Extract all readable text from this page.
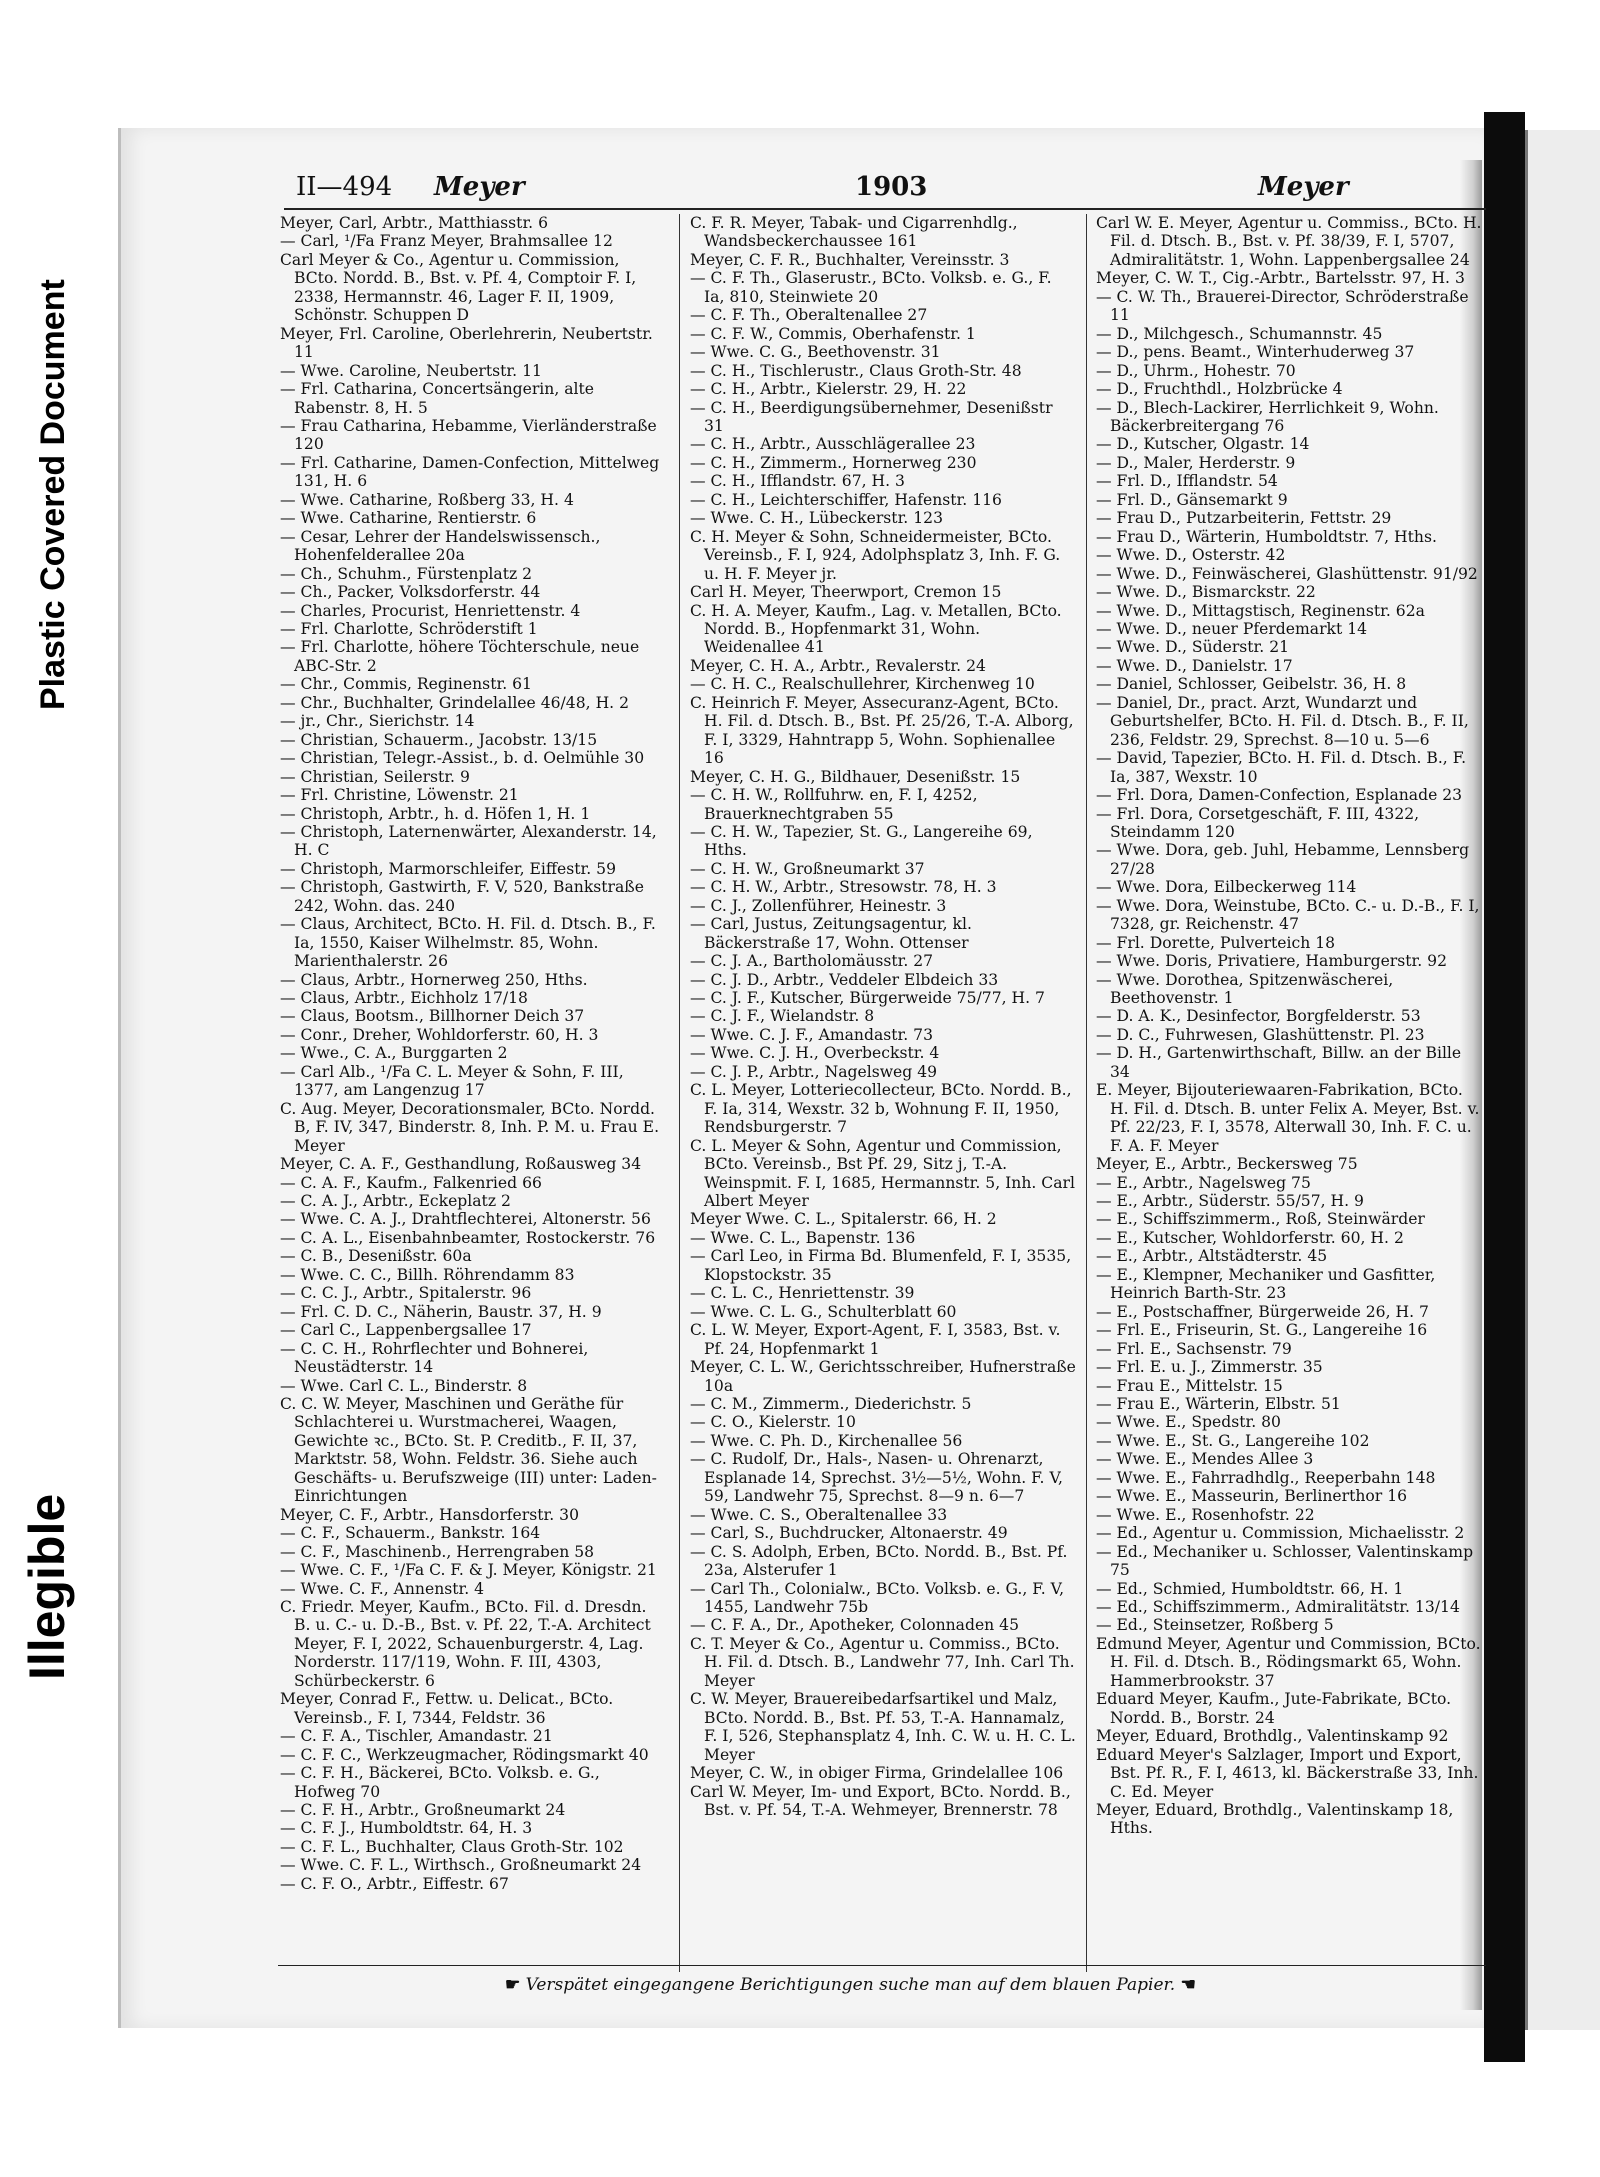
Plastic Covered Document
Illegible
II—494 Meyer	1903	Meyer

Meyer, Carl, Arbtr., Matthiasstr. 6

— Carl, ¹/Fa Franz Meyer, Brahmsallee 12

Carl Meyer & Co., Agentur u. Commission, BCto. Nordd. B., Bst. v. Pf. 4, Comptoir F. I, 2338, Hermannstr. 46, Lager F. II, 1909, Schönstr. Schuppen D

Meyer, Frl. Caroline, Oberlehrerin, Neubertstr. 11

— Wwe. Caroline, Neubertstr. 11

— Frl. Catharina, Concertsängerin, alte Rabenstr. 8, H. 5

— Frau Catharina, Hebamme, Vierländerstraße 120

— Frl. Catharine, Damen-Confection, Mittelweg 131, H. 6

— Wwe. Catharine, Roßberg 33, H. 4

— Wwe. Catharine, Rentierstr. 6

— Cesar, Lehrer der Handelswissensch., Hohenfelderallee 20a

— Ch., Schuhm., Fürstenplatz 2

— Ch., Packer, Volksdorferstr. 44

— Charles, Procurist, Henriettenstr. 4

— Frl. Charlotte, Schröderstift 1

— Frl. Charlotte, höhere Töchterschule, neue ABC-Str. 2

— Chr., Commis, Reginenstr. 61

— Chr., Buchhalter, Grindelallee 46/48, H. 2

— jr., Chr., Sierichstr. 14

— Christian, Schauerm., Jacobstr. 13/15

— Christian, Telegr.-Assist., b. d. Oelmühle 30

— Christian, Seilerstr. 9

— Frl. Christine, Löwenstr. 21

— Christoph, Arbtr., h. d. Höfen 1, H. 1

— Christoph, Laternenwärter, Alexanderstr. 14, H. C

— Christoph, Marmorschleifer, Eiffestr. 59

— Christoph, Gastwirth, F. V, 520, Bankstraße 242, Wohn. das. 240

— Claus, Architect, BCto. H. Fil. d. Dtsch. B., F. Ia, 1550, Kaiser Wilhelmstr. 85, Wohn. Marienthalerstr. 26

— Claus, Arbtr., Hornerweg 250, Hths.

— Claus, Arbtr., Eichholz 17/18

— Claus, Bootsm., Billhorner Deich 37

— Conr., Dreher, Wohldorferstr. 60, H. 3

— Wwe., C. A., Burggarten 2

— Carl Alb., ¹/Fa C. L. Meyer & Sohn, F. III, 1377, am Langenzug 17

C. Aug. Meyer, Decorationsmaler, BCto. Nordd. B, F. IV, 347, Binderstr. 8, Inh. P. M. u. Frau E. Meyer

Meyer, C. A. F., Gesthandlung, Roßausweg 34

— C. A. F., Kaufm., Falkenried 66

— C. A. J., Arbtr., Eckeplatz 2

— Wwe. C. A. J., Drahtflechterei, Altonerstr. 56

— C. A. L., Eisenbahnbeamter, Rostockerstr. 76

— C. B., Desenißstr. 60a

— Wwe. C. C., Billh. Röhrendamm 83

— C. C. J., Arbtr., Spitalerstr. 96

— Frl. C. D. C., Näherin, Baustr. 37, H. 9

— Carl C., Lappenbergsallee 17

— C. C. H., Rohrflechter und Bohnerei, Neustädterstr. 14

— Wwe. Carl C. L., Binderstr. 8

C. C. W. Meyer, Maschinen und Geräthe für Schlachterei u. Wurstmacherei, Waagen, Gewichte ꝛc., BCto. St. P. Creditb., F. II, 37, Marktstr. 58, Wohn. Feldstr. 36. Siehe auch Geschäfts- u. Berufszweige (III) unter: Laden-Einrichtungen

Meyer, C. F., Arbtr., Hansdorferstr. 30

— C. F., Schauerm., Bankstr. 164

— C. F., Maschinenb., Herrengraben 58

— Wwe. C. F., ¹/Fa C. F. & J. Meyer, Königstr. 21

— Wwe. C. F., Annenstr. 4

C. Friedr. Meyer, Kaufm., BCto. Fil. d. Dresdn. B. u. C.- u. D.-B., Bst. v. Pf. 22, T.-A. Architect Meyer, F. I, 2022, Schauenburgerstr. 4, Lag. Norderstr. 117/119, Wohn. F. III, 4303, Schürbeckerstr. 6

Meyer, Conrad F., Fettw. u. Delicat., BCto. Vereinsb., F. I, 7344, Feldstr. 36

— C. F. A., Tischler, Amandastr. 21

— C. F. C., Werkzeugmacher, Rödingsmarkt 40

— C. F. H., Bäckerei, BCto. Volksb. e. G., Hofweg 70

— C. F. H., Arbtr., Großneumarkt 24

— C. F. J., Humboldtstr. 64, H. 3

— C. F. L., Buchhalter, Claus Groth-Str. 102

— Wwe. C. F. L., Wirthsch., Großneumarkt 24

— C. F. O., Arbtr., Eiffestr. 67

C. F. R. Meyer, Tabak- und Cigarrenhdlg., Wandsbeckerchaussee 161

Meyer, C. F. R., Buchhalter, Vereinsstr. 3

— C. F. Th., Glaserustr., BCto. Volksb. e. G., F. Ia, 810, Steinwiete 20

— C. F. Th., Oberaltenallee 27

— C. F. W., Commis, Oberhafenstr. 1

— Wwe. C. G., Beethovenstr. 31

— C. H., Tischlerustr., Claus Groth-Str. 48

— C. H., Arbtr., Kielerstr. 29, H. 22

— C. H., Beerdigungsübernehmer, Desenißstr 31

— C. H., Arbtr., Ausschlägerallee 23

— C. H., Zimmerm., Hornerweg 230

— C. H., Ifflandstr. 67, H. 3

— C. H., Leichterschiffer, Hafenstr. 116

— Wwe. C. H., Lübeckerstr. 123

C. H. Meyer & Sohn, Schneidermeister, BCto. Vereinsb., F. I, 924, Adolphsplatz 3, Inh. F. G. u. H. F. Meyer jr.

Carl H. Meyer, Theerwport, Cremon 15

C. H. A. Meyer, Kaufm., Lag. v. Metallen, BCto. Nordd. B., Hopfenmarkt 31, Wohn. Weidenallee 41

Meyer, C. H. A., Arbtr., Revalerstr. 24

— C. H. C., Realschullehrer, Kirchenweg 10

C. Heinrich F. Meyer, Assecuranz-Agent, BCto. H. Fil. d. Dtsch. B., Bst. Pf. 25/26, T.-A. Alborg, F. I, 3329, Hahntrapp 5, Wohn. Sophienallee 16

Meyer, C. H. G., Bildhauer, Desenißstr. 15

— C. H. W., Rollfuhrw. en, F. I, 4252, Brauerknechtgraben 55

— C. H. W., Tapezier, St. G., Langereihe 69, Hths.

— C. H. W., Großneumarkt 37

— C. H. W., Arbtr., Stresowstr. 78, H. 3

— C. J., Zollenführer, Heinestr. 3

— Carl, Justus, Zeitungsagentur, kl. Bäckerstraße 17, Wohn. Ottenser

— C. J. A., Bartholomäusstr. 27

— C. J. D., Arbtr., Veddeler Elbdeich 33

— C. J. F., Kutscher, Bürgerweide 75/77, H. 7

— C. J. F., Wielandstr. 8

— Wwe. C. J. F., Amandastr. 73

— Wwe. C. J. H., Overbeckstr. 4

— C. J. P., Arbtr., Nagelsweg 49

C. L. Meyer, Lotteriecollecteur, BCto. Nordd. B., F. Ia, 314, Wexstr. 32 b, Wohnung F. II, 1950, Rendsburgerstr. 7

C. L. Meyer & Sohn, Agentur und Commission, BCto. Vereinsb., Bst Pf. 29, Sitz j, T.-A. Weinspmit. F. I, 1685, Hermannstr. 5, Inh. Carl Albert Meyer

Meyer Wwe. C. L., Spitalerstr. 66, H. 2

— Wwe. C. L., Bapenstr. 136

— Carl Leo, in Firma Bd. Blumenfeld, F. I, 3535, Klopstockstr. 35

— C. L. C., Henriettenstr. 39

— Wwe. C. L. G., Schulterblatt 60

C. L. W. Meyer, Export-Agent, F. I, 3583, Bst. v. Pf. 24, Hopfenmarkt 1

Meyer, C. L. W., Gerichtsschreiber, Hufnerstraße 10a

— C. M., Zimmerm., Diederichstr. 5

— C. O., Kielerstr. 10

— Wwe. C. Ph. D., Kirchenallee 56

— C. Rudolf, Dr., Hals-, Nasen- u. Ohrenarzt, Esplanade 14, Sprechst. 3½—5½, Wohn. F. V, 59, Landwehr 75, Sprechst. 8—9 n. 6—7

— Wwe. C. S., Oberaltenallee 33

— Carl, S., Buchdrucker, Altonaerstr. 49

— C. S. Adolph, Erben, BCto. Nordd. B., Bst. Pf. 23a, Alsterufer 1

— Carl Th., Colonialw., BCto. Volksb. e. G., F. V, 1455, Landwehr 75b

— C. F. A., Dr., Apotheker, Colonnaden 45

C. T. Meyer & Co., Agentur u. Commiss., BCto. H. Fil. d. Dtsch. B., Landwehr 77, Inh. Carl Th. Meyer

C. W. Meyer, Brauereibedarfsartikel und Malz, BCto. Nordd. B., Bst. Pf. 53, T.-A. Hannamalz, F. I, 526, Stephansplatz 4, Inh. C. W. u. H. C. L. Meyer

Meyer, C. W., in obiger Firma, Grindelallee 106

Carl W. Meyer, Im- und Export, BCto. Nordd. B., Bst. v. Pf. 54, T.-A. Wehmeyer, Brennerstr. 78

Carl W. E. Meyer, Agentur u. Commiss., BCto. H. Fil. d. Dtsch. B., Bst. v. Pf. 38/39, F. I, 5707, Admiralitätstr. 1, Wohn. Lappenbergsallee 24

Meyer, C. W. T., Cig.-Arbtr., Bartelsstr. 97, H. 3

— C. W. Th., Brauerei-Director, Schröderstraße 11

— D., Milchgesch., Schumannstr. 45

— D., pens. Beamt., Winterhuderweg 37

— D., Uhrm., Hohestr. 70

— D., Fruchthdl., Holzbrücke 4

— D., Blech-Lackirer, Herrlichkeit 9, Wohn. Bäckerbreitergang 76

— D., Kutscher, Olgastr. 14

— D., Maler, Herderstr. 9

— Frl. D., Ifflandstr. 54

— Frl. D., Gänsemarkt 9

— Frau D., Putzarbeiterin, Fettstr. 29

— Frau D., Wärterin, Humboldtstr. 7, Hths.

— Wwe. D., Osterstr. 42

— Wwe. D., Feinwäscherei, Glashüttenstr. 91/92

— Wwe. D., Bismarckstr. 22

— Wwe. D., Mittagstisch, Reginenstr. 62a

— Wwe. D., neuer Pferdemarkt 14

— Wwe. D., Süderstr. 21

— Wwe. D., Danielstr. 17

— Daniel, Schlosser, Geibelstr. 36, H. 8

— Daniel, Dr., pract. Arzt, Wundarzt und Geburtshelfer, BCto. H. Fil. d. Dtsch. B., F. II, 236, Feldstr. 29, Sprechst. 8—10 u. 5—6

— David, Tapezier, BCto. H. Fil. d. Dtsch. B., F. Ia, 387, Wexstr. 10

— Frl. Dora, Damen-Confection, Esplanade 23

— Frl. Dora, Corsetgeschäft, F. III, 4322, Steindamm 120

— Wwe. Dora, geb. Juhl, Hebamme, Lennsberg 27/28

— Wwe. Dora, Eilbeckerweg 114

— Wwe. Dora, Weinstube, BCto. C.- u. D.-B., F. I, 7328, gr. Reichenstr. 47

— Frl. Dorette, Pulverteich 18

— Wwe. Doris, Privatiere, Hamburgerstr. 92

— Wwe. Dorothea, Spitzenwäscherei, Beethovenstr. 1

— D. A. K., Desinfector, Borgfelderstr. 53

— D. C., Fuhrwesen, Glashüttenstr. Pl. 23

— D. H., Gartenwirthschaft, Billw. an der Bille 34

E. Meyer, Bijouteriewaaren-Fabrikation, BCto. H. Fil. d. Dtsch. B. unter Felix A. Meyer, Bst. v. Pf. 22/23, F. I, 3578, Alterwall 30, Inh. F. C. u. F. A. F. Meyer

Meyer, E., Arbtr., Beckersweg 75

— E., Arbtr., Nagelsweg 75

— E., Arbtr., Süderstr. 55/57, H. 9

— E., Schiffszimmerm., Roß, Steinwärder

— E., Kutscher, Wohldorferstr. 60, H. 2

— E., Arbtr., Altstädterstr. 45

— E., Klempner, Mechaniker und Gasfitter, Heinrich Barth-Str. 23

— E., Postschaffner, Bürgerweide 26, H. 7

— Frl. E., Friseurin, St. G., Langereihe 16

— Frl. E., Sachsenstr. 79

— Frl. E. u. J., Zimmerstr. 35

— Frau E., Mittelstr. 15

— Frau E., Wärterin, Elbstr. 51

— Wwe. E., Spedstr. 80

— Wwe. E., St. G., Langereihe 102

— Wwe. E., Mendes Allee 3

— Wwe. E., Fahrradhdlg., Reeperbahn 148

— Wwe. E., Masseurin, Berlinerthor 16

— Wwe. E., Rosenhofstr. 22

— Ed., Agentur u. Commission, Michaelisstr. 2

— Ed., Mechaniker u. Schlosser, Valentinskamp 75

— Ed., Schmied, Humboldtstr. 66, H. 1

— Ed., Schiffszimmerm., Admiralitätstr. 13/14

— Ed., Steinsetzer, Roßberg 5

Edmund Meyer, Agentur und Commission, BCto. H. Fil. d. Dtsch. B., Rödingsmarkt 65, Wohn. Hammerbrookstr. 37

Eduard Meyer, Kaufm., Jute-Fabrikate, BCto. Nordd. B., Borstr. 24

Meyer, Eduard, Brothdlg., Valentinskamp 92

Eduard Meyer's Salzlager, Import und Export, Bst. Pf. R., F. I, 4613, kl. Bäckerstraße 33, Inh. C. Ed. Meyer

Meyer, Eduard, Brothdlg., Valentinskamp 18, Hths.

☛ Verspätet eingegangene Berichtigungen suche man auf dem blauen Papier. ☚
